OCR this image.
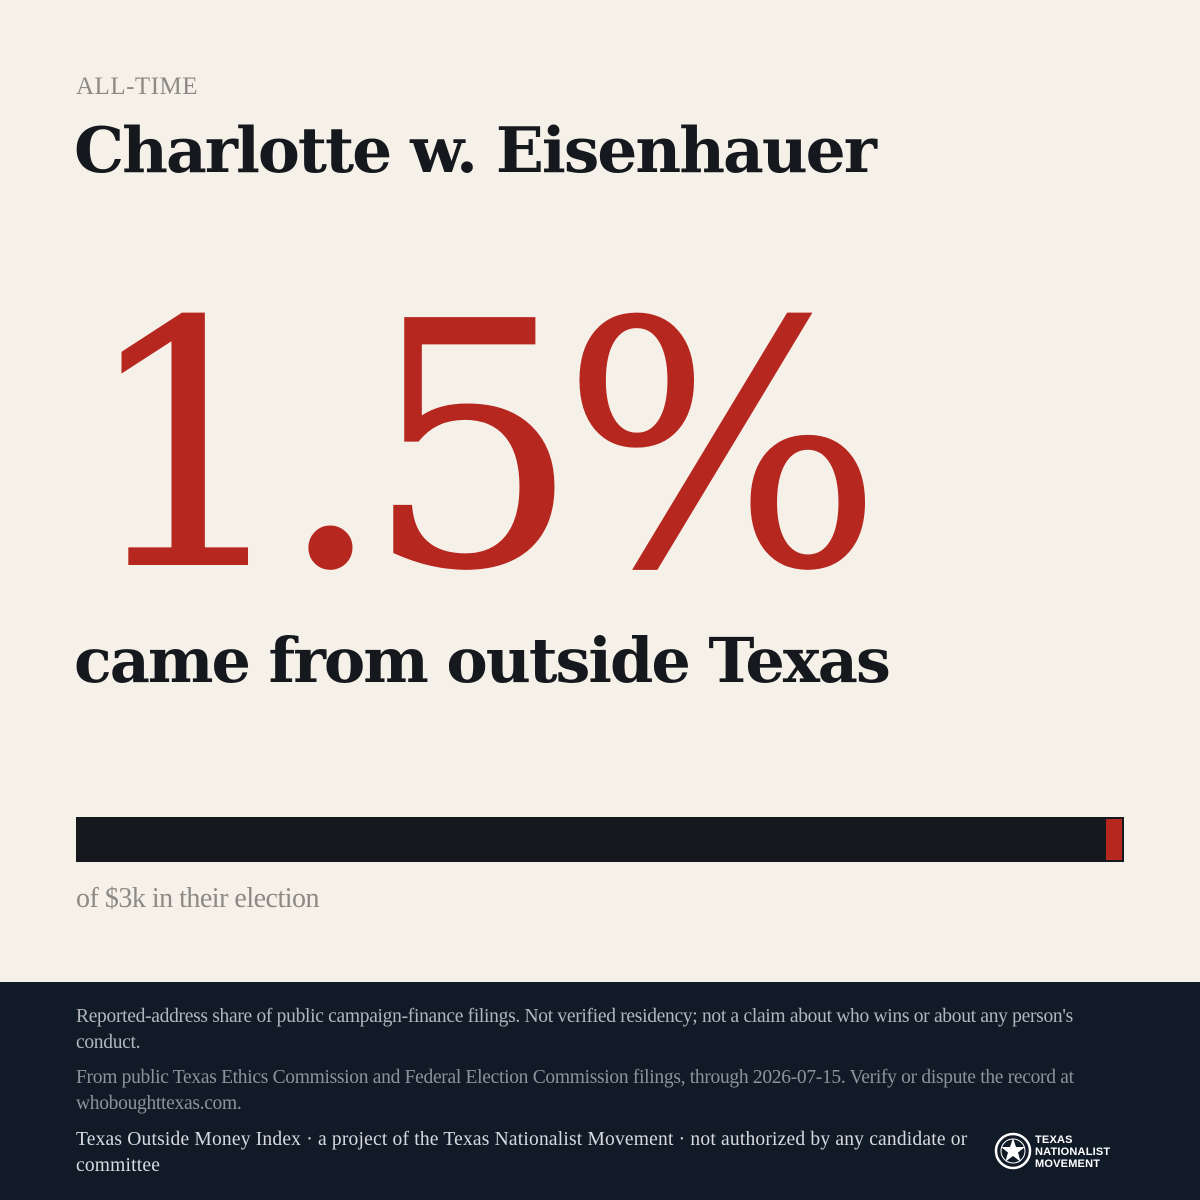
ALL-TIME
Charlotte w. Eisenhauer
1.5%
came from outside Texas
of $3k in their election
Reported-address share of public campaign-finance filings. Not verified residency; not a claim about who wins or about any person's conduct.
From public Texas Ethics Commission and Federal Election Commission filings, through 2026-07-15. Verify or dispute the record at whoboughttexas.com.
Texas Outside Money Index · a project of the Texas Nationalist Movement · not authorized by any candidate or committee
TEXAS
NATIONALIST
MOVEMENT
